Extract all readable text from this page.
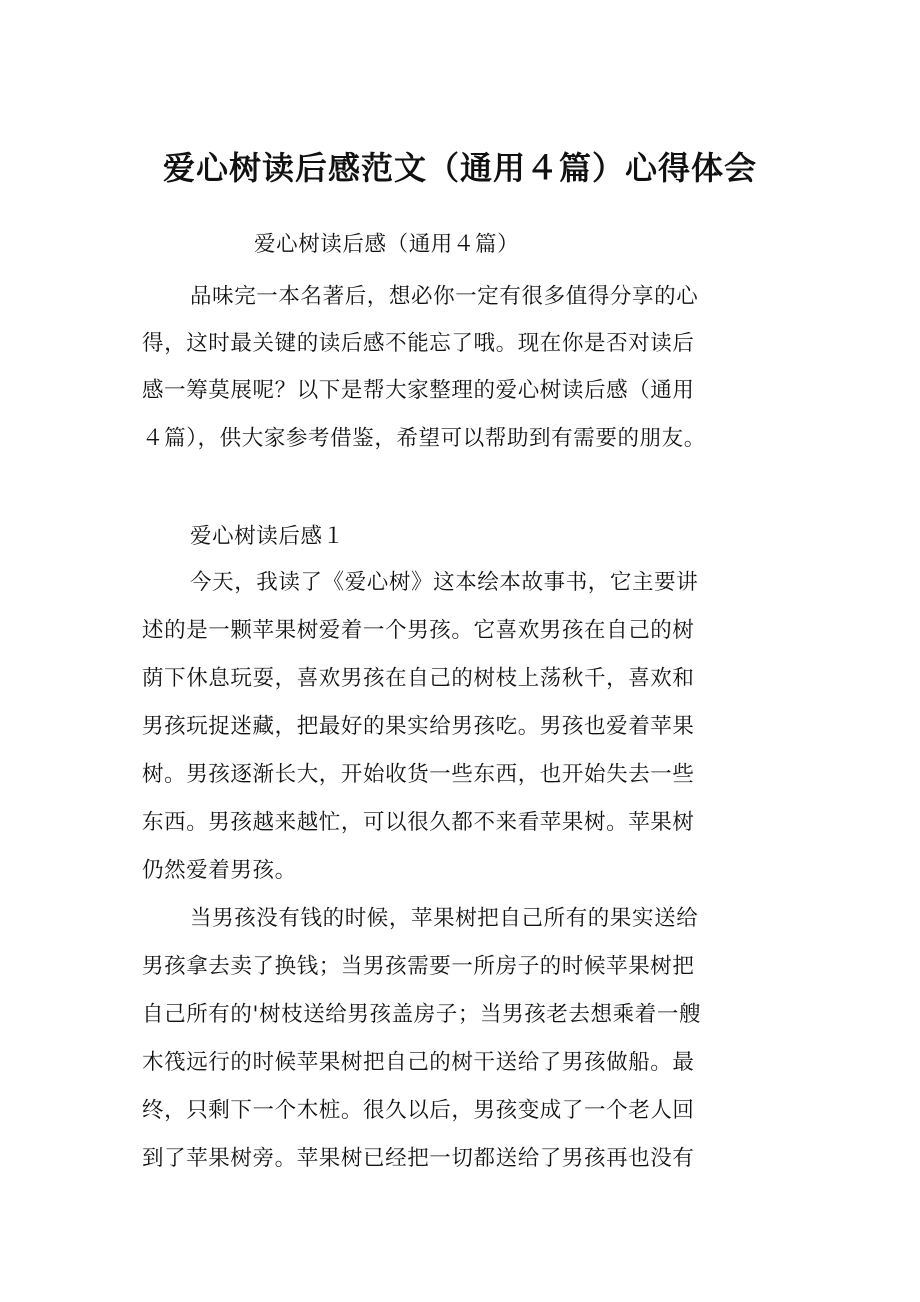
爱心树读后感范文（通用４篇）心得体会
爱心树读后感（通用４篇）
品味完一本名著后，想必你一定有很多值得分享的心
得，这时最关键的读后感不能忘了哦。现在你是否对读后
感一筹莫展呢？以下是帮大家整理的爱心树读后感（通用
４篇），供大家参考借鉴，希望可以帮助到有需要的朋友。
爱心树读后感１
今天，我读了《爱心树》这本绘本故事书，它主要讲
述的是一颗苹果树爱着一个男孩。它喜欢男孩在自己的树
荫下休息玩耍，喜欢男孩在自己的树枝上荡秋千，喜欢和
男孩玩捉迷藏，把最好的果实给男孩吃。男孩也爱着苹果
树。男孩逐渐长大，开始收货一些东西，也开始失去一些
东西。男孩越来越忙，可以很久都不来看苹果树。苹果树
仍然爱着男孩。
当男孩没有钱的时候，苹果树把自己所有的果实送给
男孩拿去卖了换钱；当男孩需要一所房子的时候苹果树把
自己所有的'树枝送给男孩盖房子；当男孩老去想乘着一艘
木筏远行的时候苹果树把自己的树干送给了男孩做船。最
终，只剩下一个木桩。很久以后，男孩变成了一个老人回
到了苹果树旁。苹果树已经把一切都送给了男孩再也没有
